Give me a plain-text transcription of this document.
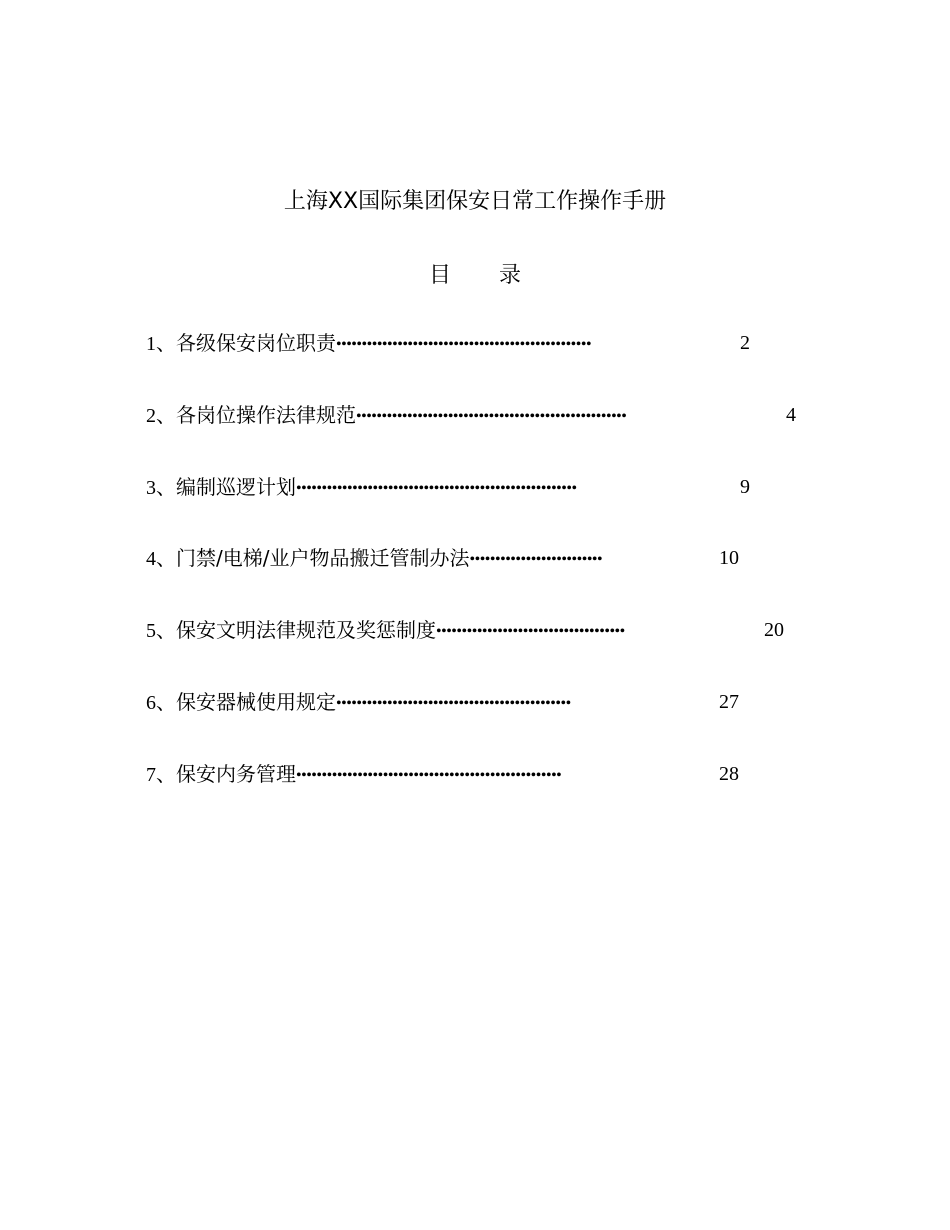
上海XX国际集团保安日常工作操作手册
目 录
1、各级保安岗位职责••••••••••••••••••••••••••••••••••••••••••••••••••	2
2、各岗位操作法律规范•••••••••••••••••••••••••••••••••••••••••••••••••••••	4
3、编制巡逻计划•••••••••••••••••••••••••••••••••••••••••••••••••••••••	9
4、门禁/电梯/业户物品搬迁管制办法••••••••••••••••••••••••••	10
5、保安文明法律规范及奖惩制度•••••••••••••••••••••••••••••••••••••	20
6、保安器械使用规定••••••••••••••••••••••••••••••••••••••••••••••	27
7、保安内务管理••••••••••••••••••••••••••••••••••••••••••••••••••••	28
